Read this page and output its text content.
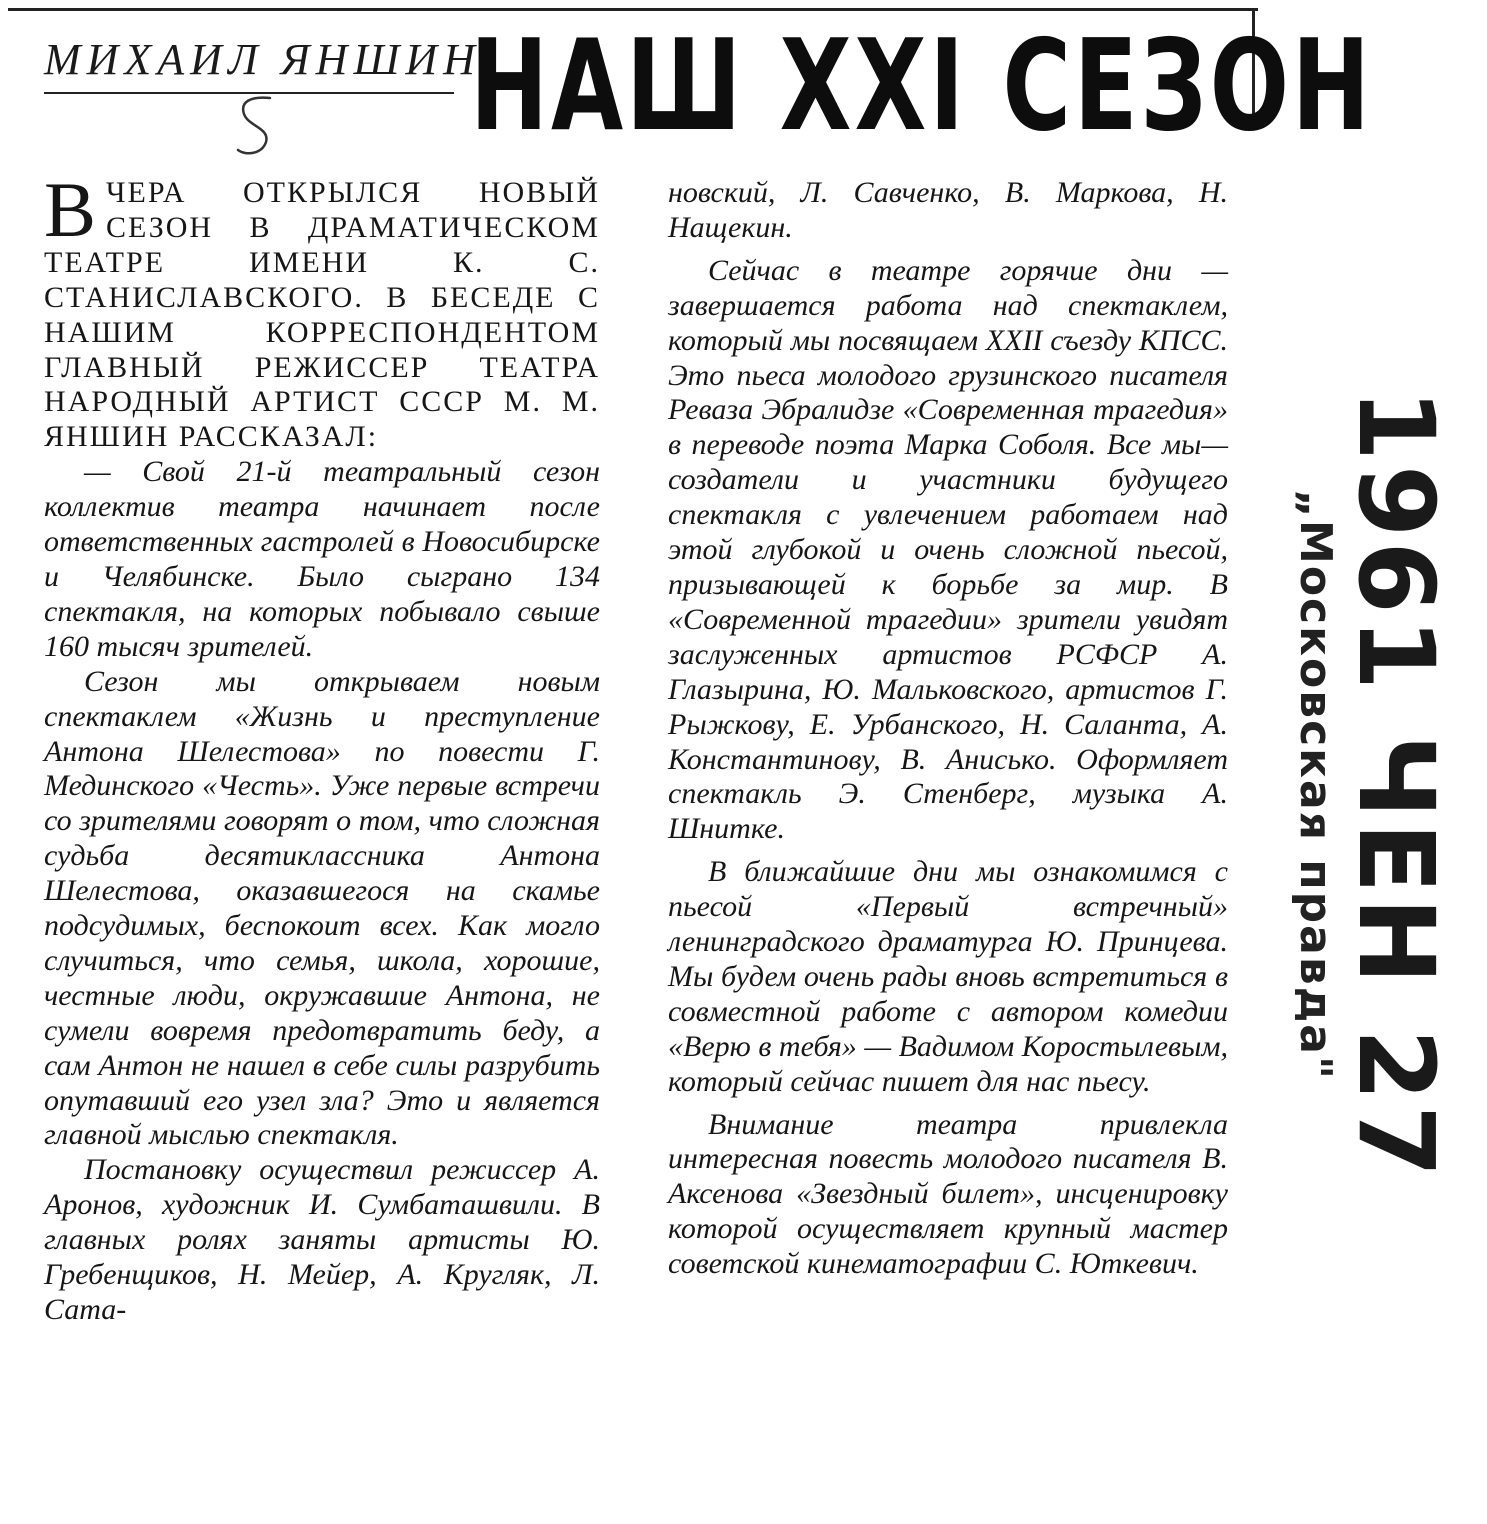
МИХАИЛ ЯНШИН:
НАШ XXI СЕЗОН

ВЧЕРА ОТКРЫЛСЯ НОВЫЙ СЕЗОН В ДРАМАТИЧЕСКОМ ТЕАТРЕ ИМЕНИ К. С. СТАНИСЛАВСКОГО. В БЕСЕДЕ С НАШИМ КОРРЕСПОНДЕНТОМ ГЛАВНЫЙ РЕЖИССЕР ТЕАТРА НАРОДНЫЙ АРТИСТ СССР М. М. ЯНШИН РАССКАЗАЛ:

— Свой 21-й театральный сезон коллектив театра начинает после ответственных гастролей в Новосибирске и Челябинске. Было сыграно 134 спектакля, на которых побывало свыше 160 тысяч зрителей.

Сезон мы открываем новым спектаклем «Жизнь и преступление Антона Шелестова» по повести Г. Мединского «Честь». Уже первые встречи со зрителями говорят о том, что сложная судьба десятиклассника Антона Шелестова, оказавшегося на скамье подсудимых, беспокоит всех. Как могло случиться, что семья, школа, хорошие, честные люди, окружавшие Антона, не сумели вовремя предотвратить беду, а сам Антон не нашел в себе силы разрубить опутавший его узел зла? Это и является главной мыслью спектакля.

Постановку осуществил режиссер А. Аронов, художник И. Сумбаташвили. В главных ролях заняты артисты Ю. Гребенщиков, Н. Мейер, А. Кругляк, Л. Сата-

новский, Л. Савченко, В. Маркова, Н. Нащекин.

Сейчас в театре горячие дни — завершается работа над спектаклем, который мы посвящаем XXII съезду КПСС. Это пьеса молодого грузинского писателя Реваза Эбралидзе «Современная трагедия» в переводе поэта Марка Соболя. Все мы—создатели и участники будущего спектакля с увлечением работаем над этой глубокой и очень сложной пьесой, призывающей к борьбе за мир. В «Современной трагедии» зрители увидят заслуженных артистов РСФСР А. Глазырина, Ю. Мальковского, артистов Г. Рыжкову, Е. Урбанского, Н. Саланта, А. Константинову, В. Анисько. Оформляет спектакль Э. Стенберг, музыка А. Шнитке.

В ближайшие дни мы ознакомимся с пьесой «Первый встречный» ленинградского драматурга Ю. Принцева. Мы будем очень рады вновь встретиться в совместной работе с автором комедии «Верю в тебя» — Вадимом Коростылевым, который сейчас пишет для нас пьесу.

Внимание театра привлекла интересная повесть молодого писателя В. Аксенова «Звездный билет», инсценировку которой осуществляет крупный мастер советской кинематографии С. Юткевич.

1961 ЧЕН 27
„Московская правда"
